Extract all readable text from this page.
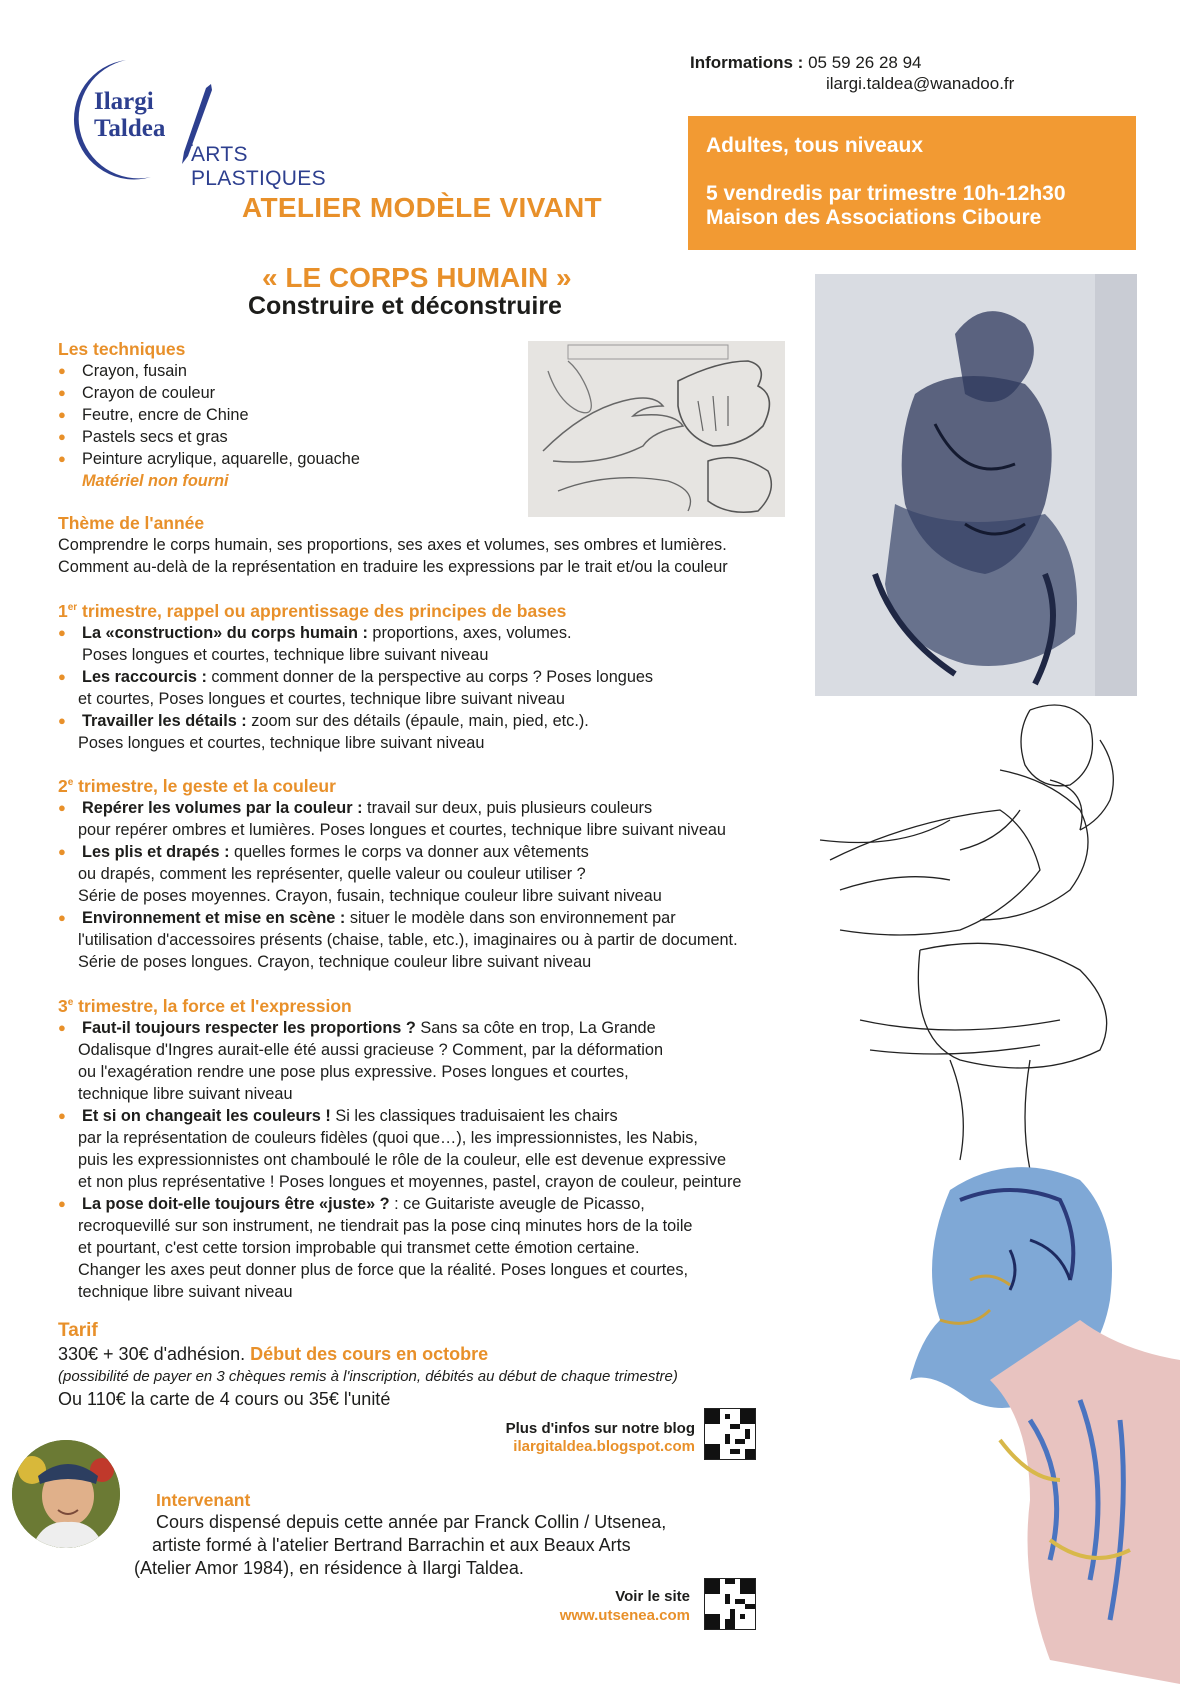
Ilargi
Taldea
ARTS PLASTIQUES
Informations : 05 59 26 28 94
ilargi.taldea@wanadoo.fr
Adultes, tous niveaux
5 vendredis par trimestre 10h-12h30
Maison des Associations Ciboure
ATELIER MODÈLE VIVANT
« LE CORPS HUMAIN »
Construire et déconstruire
Les techniques
● Crayon, fusain
● Crayon de couleur
● Feutre, encre de Chine
● Pastels secs et gras
● Peinture acrylique, aquarelle, gouache
Matériel non fourni
Thème de l'année
Comprendre le corps humain, ses proportions, ses axes et volumes, ses ombres et lumières.
Comment au-delà de la représentation en traduire les expressions par le trait et/ou la couleur
1er trimestre, rappel ou apprentissage des principes de bases
● La «construction» du corps humain : proportions, axes, volumes.
Poses longues et courtes, technique libre suivant niveau
● Les raccourcis : comment donner de la perspective au corps ? Poses longues
et courtes, Poses longues et courtes, technique libre suivant niveau
● Travailler les détails : zoom sur des détails (épaule, main, pied, etc.).
Poses longues et courtes, technique libre suivant niveau
2e trimestre, le geste et la couleur
● Repérer les volumes par la couleur : travail sur deux, puis plusieurs couleurs
pour repérer ombres et lumières. Poses longues et courtes, technique libre suivant niveau
● Les plis et drapés : quelles formes le corps va donner aux vêtements
ou drapés, comment les représenter, quelle valeur ou couleur utiliser ?
Série de poses moyennes. Crayon, fusain, technique couleur libre suivant niveau
● Environnement et mise en scène : situer le modèle dans son environnement par
l'utilisation d'accessoires présents (chaise, table, etc.), imaginaires ou à partir de document.
Série de poses longues. Crayon, technique couleur libre suivant niveau
3e trimestre, la force et l'expression
● Faut-il toujours respecter les proportions ? Sans sa côte en trop, La Grande
Odalisque d'Ingres aurait-elle été aussi gracieuse ? Comment, par la déformation
ou l'exagération rendre une pose plus expressive. Poses longues et courtes,
technique libre suivant niveau
● Et si on changeait les couleurs ! Si les classiques traduisaient les chairs
par la représentation de couleurs fidèles (quoi que…), les impressionnistes, les Nabis,
puis les expressionnistes ont chamboulé le rôle de la couleur, elle est devenue expressive
et non plus représentative ! Poses longues et moyennes, pastel, crayon de couleur, peinture
● La pose doit-elle toujours être «juste» ? : ce Guitariste aveugle de Picasso,
recroquevillé sur son instrument, ne tiendrait pas la pose cinq minutes hors de la toile
et pourtant, c'est cette torsion improbable qui transmet cette émotion certaine.
Changer les axes peut donner plus de force que la réalité. Poses longues et courtes,
technique libre suivant niveau
Tarif
330€ + 30€ d'adhésion. Début des cours en octobre
(possibilité de payer en 3 chèques remis à l'inscription, débités au début de chaque trimestre)
Ou 110€ la carte de 4 cours ou 35€ l'unité
Plus d'infos sur notre blog
ilargitaldea.blogspot.com
Intervenant
Cours dispensé depuis cette année par Franck Collin / Utsenea,
artiste formé à l'atelier Bertrand Barrachin et aux Beaux Arts
(Atelier Amor 1984), en résidence à Ilargi Taldea.
Voir le site
www.utsenea.com
